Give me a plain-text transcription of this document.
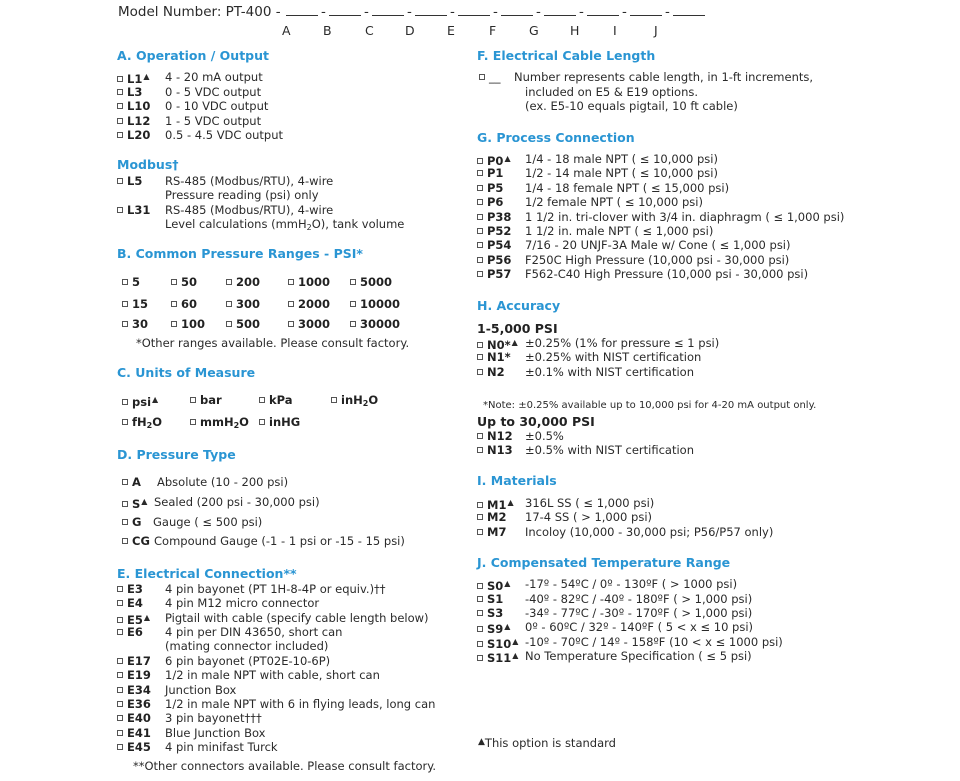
Model Number: PT-400 -	-	-	-	-	-	-	-	-	-
A	B	C	D	E	F	G	H	I	J
A. Operation / Output
L1▲ 4 - 20 mA output
L3 0 - 5 VDC output
L10 0 - 10 VDC output
L12 1 - 5 VDC output
L20 0.5 - 4.5 VDC output
Modbus†
L5 RS-485 (Modbus/RTU), 4-wire
Pressure reading (psi) only
L31 RS-485 (Modbus/RTU), 4-wire
Level calculations (mmH$_2$O), tank volume
B. Common Pressure Ranges - PSI*
5	50	200	1000	5000
15	60	300	2000	10000
30	100	500	3000	30000
*Other ranges available. Please consult factory.
C. Units of Measure
psi▲	bar	kPa	inH$_2$O
$fH_2O$	mmH$_2$O	inHG
D. Pressure Type
A Absolute (10 - 200 psi)
S▲ Sealed (200 psi - 30,000 psi)
G Gauge ( ≤ 500 psi)
CG Compound Gauge (-1 - 1 psi or -15 - 15 psi)
E. Electrical Connection**
E3 4 pin bayonet (PT 1H-8-4P or equiv.)††
E4 4 pin M12 micro connector
E5▲ Pigtail with cable (specify cable length below)
E6 4 pin per DIN 43650, short can
(mating connector included)
E17 6 pin bayonet (PT02E-10-6P)
E19 1/2 in male NPT with cable, short can
E34 Junction Box
E36 1/2 in male NPT with 6 in flying leads, long can
E40 3 pin bayonet†††
E41 Blue Junction Box
E45 4 pin minifast Turck
**Other connectors available. Please consult factory.
F. Electrical Cable Length
__ Number represents cable length, in 1-ft increments,
included on E5 & E19 options.
(ex. E5-10 equals pigtail, 10 ft cable)
G. Process Connection
P0▲ 1/4 - 18 male NPT ( ≤ 10,000 psi)
P1 1/2 - 14 male NPT ( ≤ 10,000 psi)
P5 1/4 - 18 female NPT ( ≤ 15,000 psi)
P6 1/2 female NPT ( ≤ 10,000 psi)
P38 1 1/2 in. tri-clover with 3/4 in. diaphragm ( ≤ 1,000 psi)
P52 1 1/2 in. male NPT ( ≤ 1,000 psi)
P54 7/16 - 20 UNJF-3A Male w/ Cone ( ≤ 1,000 psi)
P56 F250C High Pressure (10,000 psi - 30,000 psi)
P57 F562-C40 High Pressure (10,000 psi - 30,000 psi)
H. Accuracy
1-5,000 PSI
N0*▲ ±0.25% (1% for pressure ≤ 1 psi)
N1* ±0.25% with NIST certification
N2 ±0.1% with NIST certification
*Note: ±0.25% available up to 10,000 psi for 4-20 mA output only.
Up to 30,000 PSI
N12 ±0.5%
N13 ±0.5% with NIST certification
I. Materials
M1▲ 316L SS ( ≤ 1,000 psi)
M2 17-4 SS ( > 1,000 psi)
M7 Incoloy (10,000 - 30,000 psi; P56/P57 only)
J. Compensated Temperature Range
S0▲ -17º - 54ºC / 0º - 130ºF ( > 1000 psi)
S1 -40º - 82ºC / -40º - 180ºF ( > 1,000 psi)
S3 -34º - 77ºC / -30º - 170ºF ( > 1,000 psi)
S9▲ 0º - 60ºC / 32º - 140ºF ( 5 < x ≤ 10 psi)
S10▲ -10º - 70ºC / 14º - 158ºF (10 < x ≤ 1000 psi)
S11▲ No Temperature Specification ( ≤ 5 psi)
▲This option is standard
